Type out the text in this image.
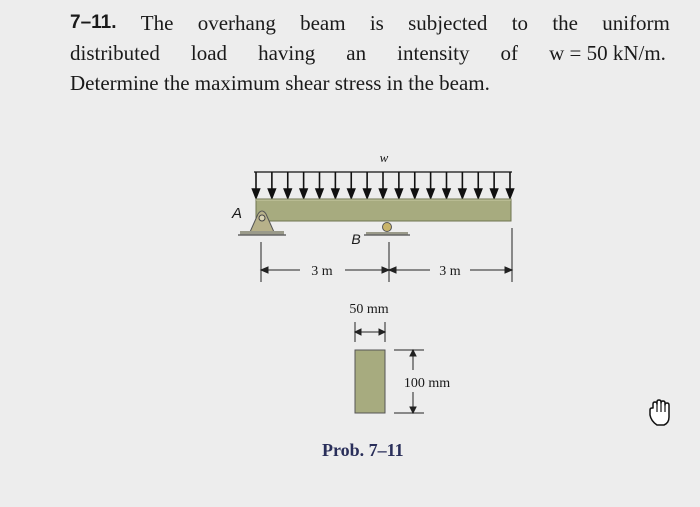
7–11. The overhang beam is subjected to the uniform
distributed load having an intensity of w = 50 kN/m.
Determine the maximum shear stress in the beam.
w
A
B
3 m	3 m
50 mm
100 mm
Prob. 7–11
